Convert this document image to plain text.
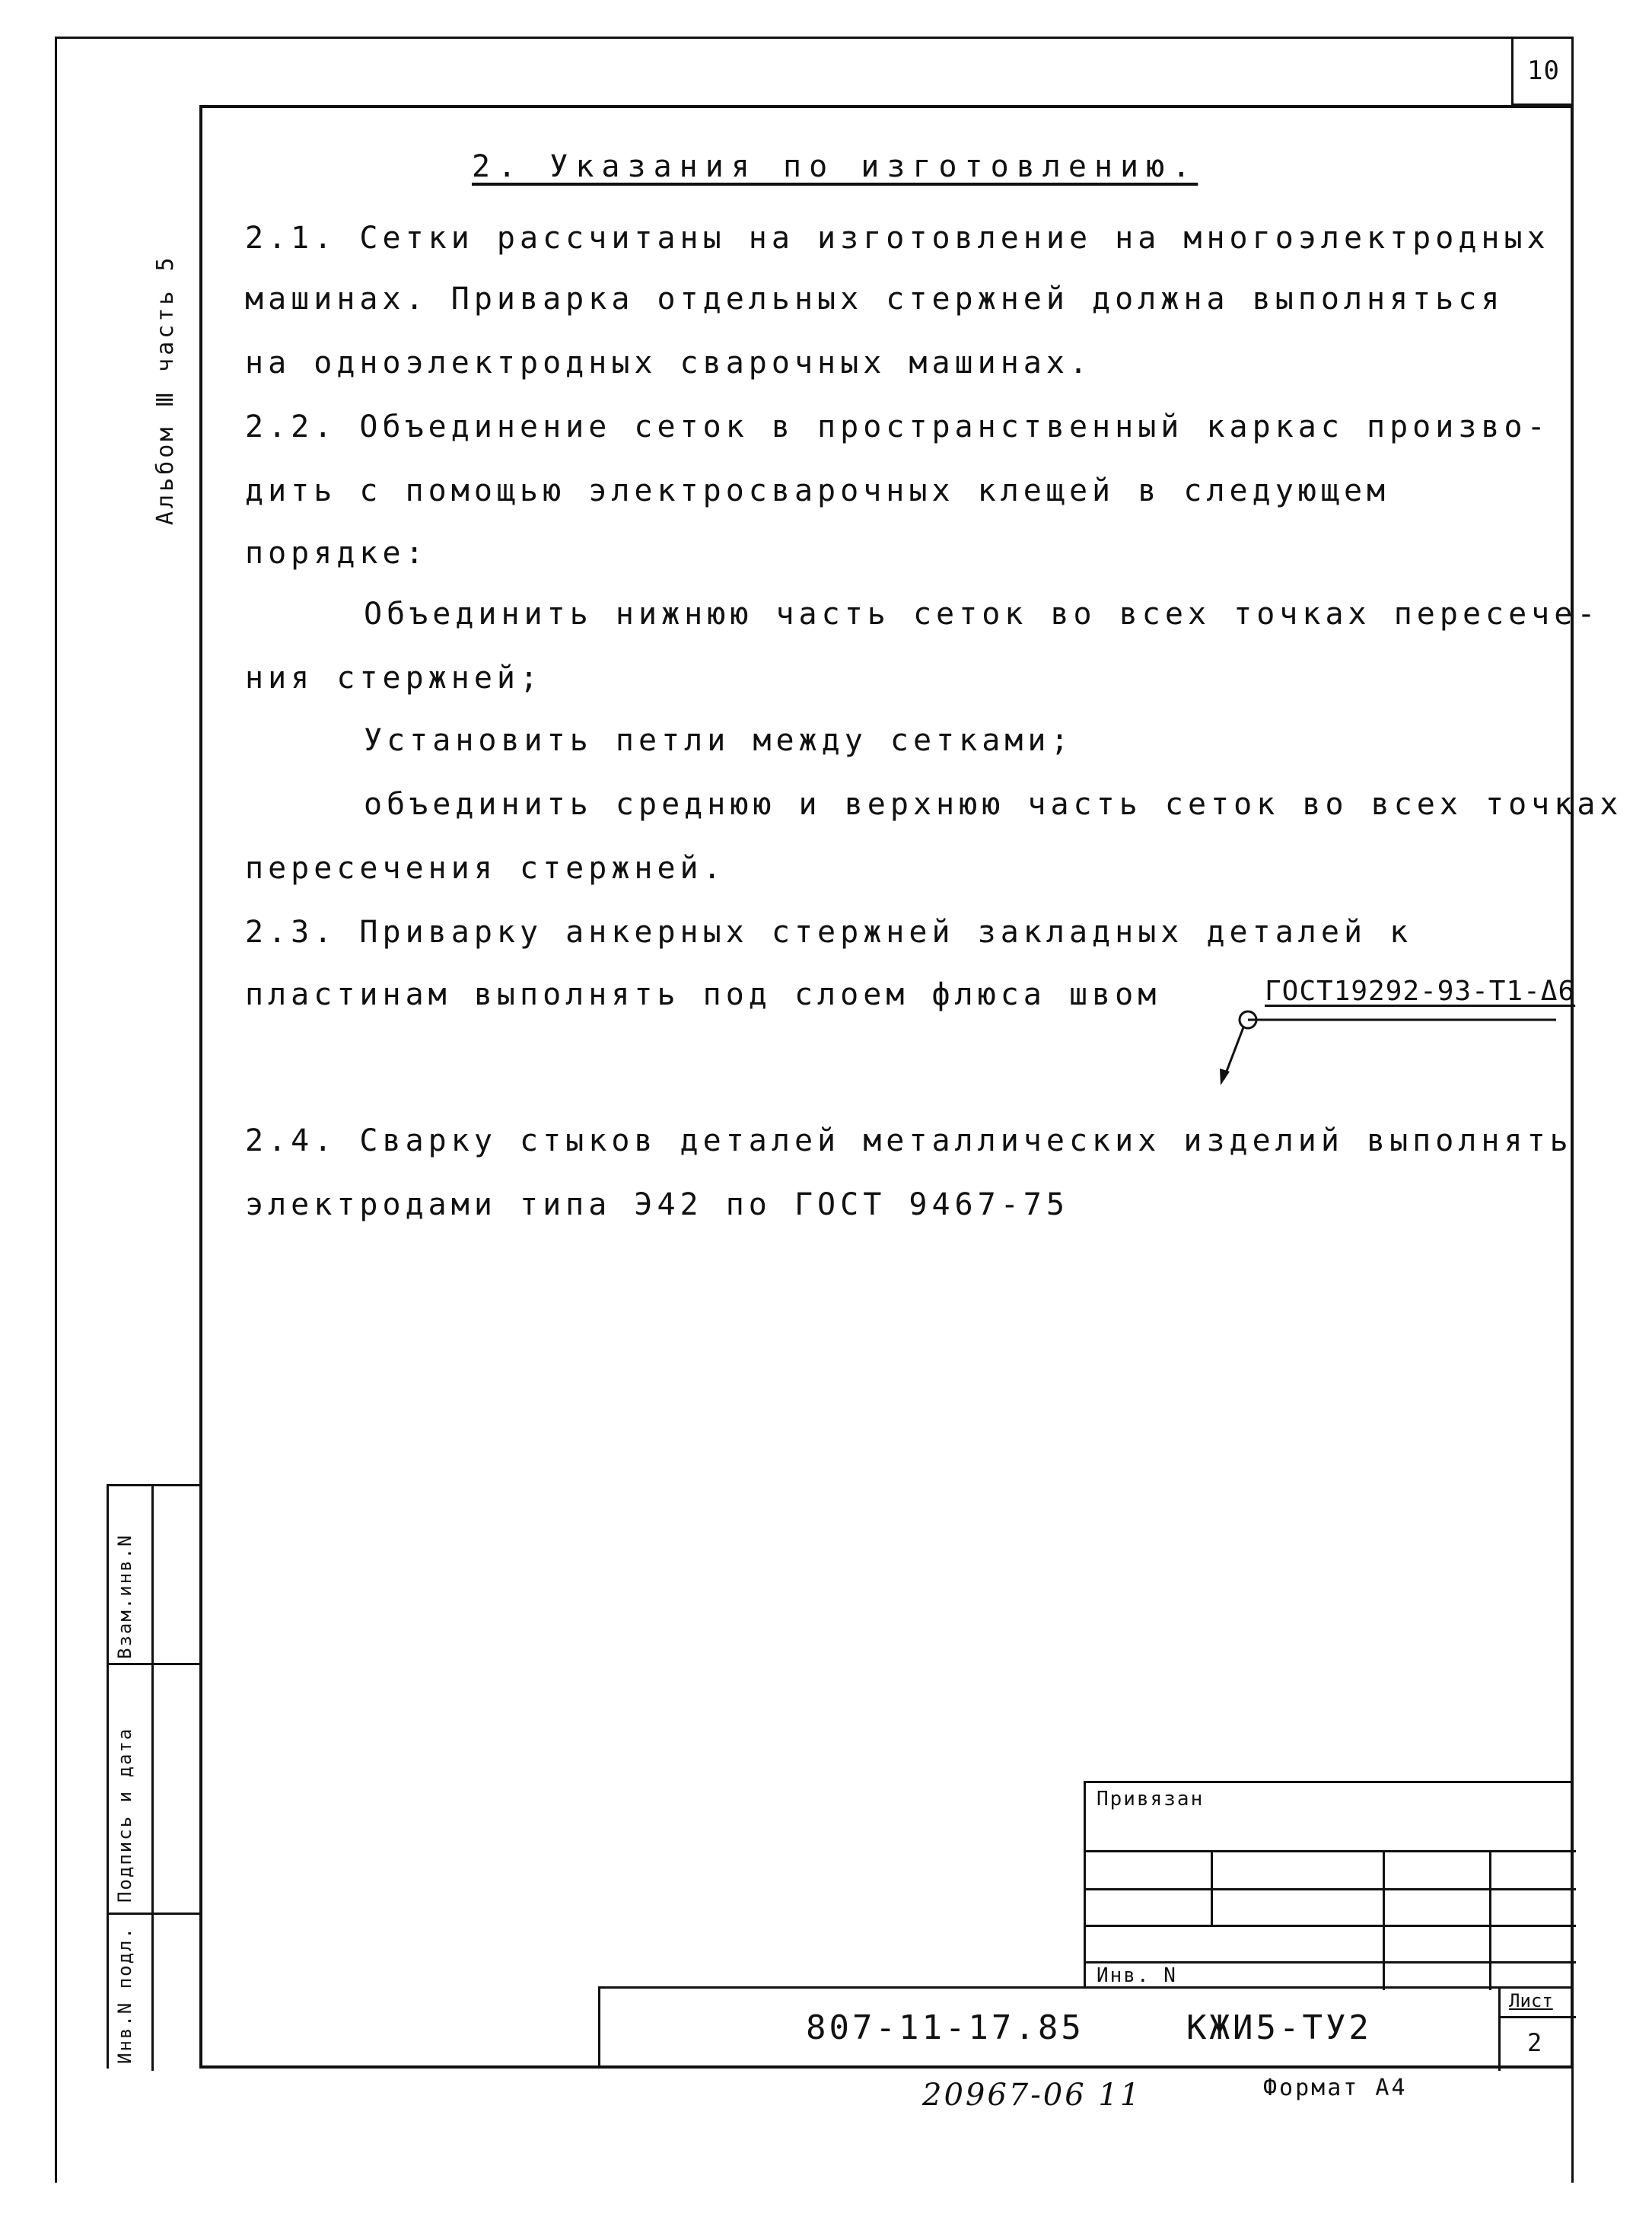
10
Альбом Ⅲ часть 5
Взам.инв.N
Подпись и дата
Инв.N подл.
2. Указания по изготовлению.
2.1. Сетки рассчитаны на изготовление на многоэлектродных
машинах. Приварка отдельных стержней должна выполняться
на одноэлектродных сварочных машинах.
2.2. Объединение сеток в пространственный каркас произво-
дить с помощью электросварочных клещей в следующем
порядке:
Объединить нижнюю часть сеток во всех точках пересече-
ния стержней;
Установить петли между сетками;
объединить среднюю и верхнюю часть сеток во всех точках
пересечения стержней.
2.3. Приварку анкерных стержней закладных деталей к
пластинам выполнять под слоем флюса швом	ГОСТ19292-93-Т1-Δ6
2.4. Сварку стыков деталей металлических изделий выполнять
электродами типа Э42 по ГОСТ 9467-75
Привязан
Инв. N
807-11-17.85	КЖИ5-ТУ2
Лист
2
20967-06 11	Формат А4
